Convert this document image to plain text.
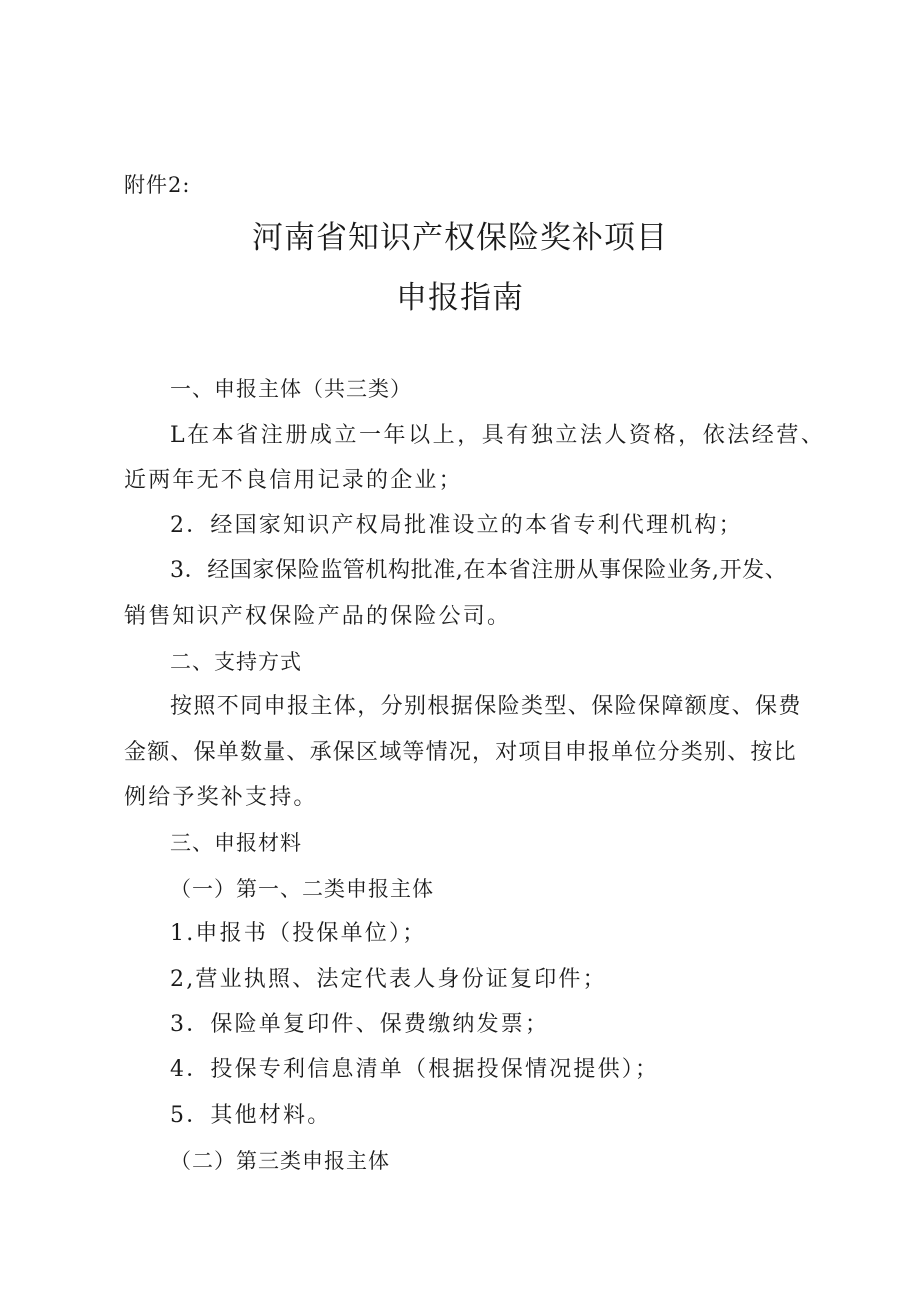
附件2:
河南省知识产权保险奖补项目
申报指南
一、申报主体（共三类）
L在本省注册成立一年以上，具有独立法人资格，依法经营、
近两年无不良信用记录的企业；
2．经国家知识产权局批准设立的本省专利代理机构；
3．经国家保险监管机构批准,在本省注册从事保险业务,开发、
销售知识产权保险产品的保险公司。
二、支持方式
按照不同申报主体，分别根据保险类型、保险保障额度、保费
金额、保单数量、承保区域等情况，对项目申报单位分类别、按比
例给予奖补支持。
三、申报材料
（一）第一、二类申报主体
1.申报书（投保单位）；
2,营业执照、法定代表人身份证复印件；
3．保险单复印件、保费缴纳发票；
4．投保专利信息清单（根据投保情况提供）；
5．其他材料。
（二）第三类申报主体
